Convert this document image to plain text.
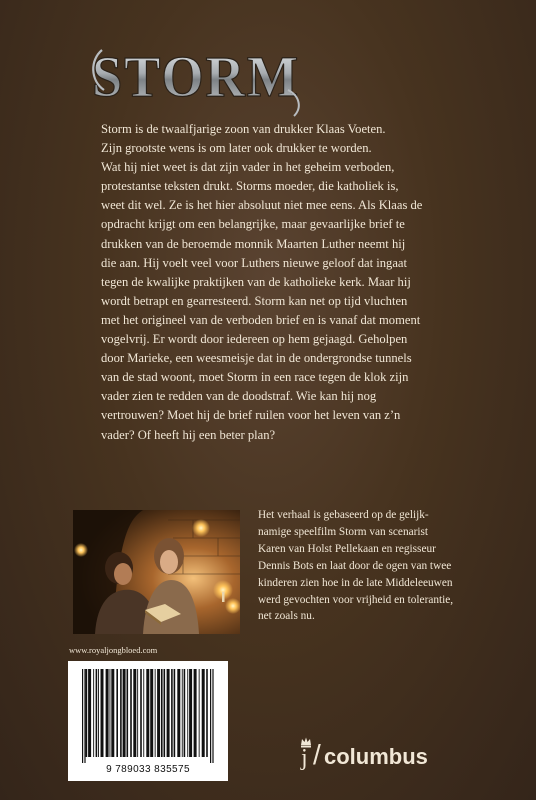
STORM
Storm is de twaalfjarige zoon van drukker Klaas Voeten.
Zijn grootste wens is om later ook drukker te worden.
Wat hij niet weet is dat zijn vader in het geheim verboden,
protestantse teksten drukt. Storms moeder, die katholiek is,
weet dit wel. Ze is het hier absoluut niet mee eens. Als Klaas de
opdracht krijgt om een belangrijke, maar gevaarlijke brief te
drukken van de beroemde monnik Maarten Luther neemt hij
die aan. Hij voelt veel voor Luthers nieuwe geloof dat ingaat
tegen de kwalijke praktijken van de katholieke kerk. Maar hij
wordt betrapt en gearresteerd. Storm kan net op tijd vluchten
met het origineel van de verboden brief en is vanaf dat moment
vogelvrij. Er wordt door iedereen op hem gejaagd. Geholpen
door Marieke, een weesmeisje dat in de ondergrondse tunnels
van de stad woont, moet Storm in een race tegen de klok zijn
vader zien te redden van de doodstraf. Wie kan hij nog
vertrouwen? Moet hij de brief ruilen voor het leven van z’n
vader? Of heeft hij een beter plan?
Het verhaal is gebaseerd op de gelijk-
namige speelfilm Storm van scenarist
Karen van Holst Pellekaan en regisseur
Dennis Bots en laat door de ogen van twee
kinderen zien hoe in de late Middeleeuwen
werd gevochten voor vrijheid en tolerantie,
net zoals nu.
www.royaljongbloed.com
9 789033 835575	j / columbus
